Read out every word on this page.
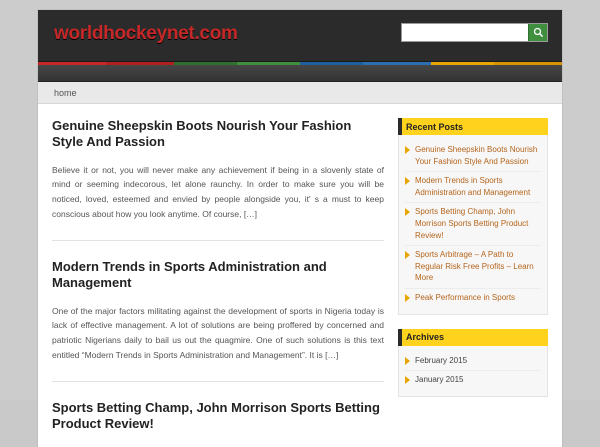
worldhockeynet.com
home
Genuine Sheepskin Boots Nourish Your Fashion Style And Passion

Believe it or not, you will never make any achievement if being in a slovenly state of mind or seeming indecorous, let alone raunchy. In order to make sure you will be noticed, loved, esteemed and envied by people alongside you, it' s a must to keep conscious about how you look anytime. Of course, […]

Modern Trends in Sports Administration and Management

One of the major factors militating against the development of sports in Nigeria today is lack of effective management. A lot of solutions are being proffered by concerned and patriotic Nigerians daily to bail us out the quagmire. One of such solutions is this text entitled “Modern Trends in Sports Administration and Management”. It is […]

Sports Betting Champ, John Morrison Sports Betting Product Review!

Recent Posts
Genuine Sheepskin Boots Nourish Your Fashion Style And Passion
Modern Trends in Sports Administration and Management
Sports Betting Champ, John Morrison Sports Betting Product Review!
Sports Arbitrage – A Path to Regular Risk Free Profits – Learn More
Peak Performance in Sports
Archives
February 2015
January 2015
